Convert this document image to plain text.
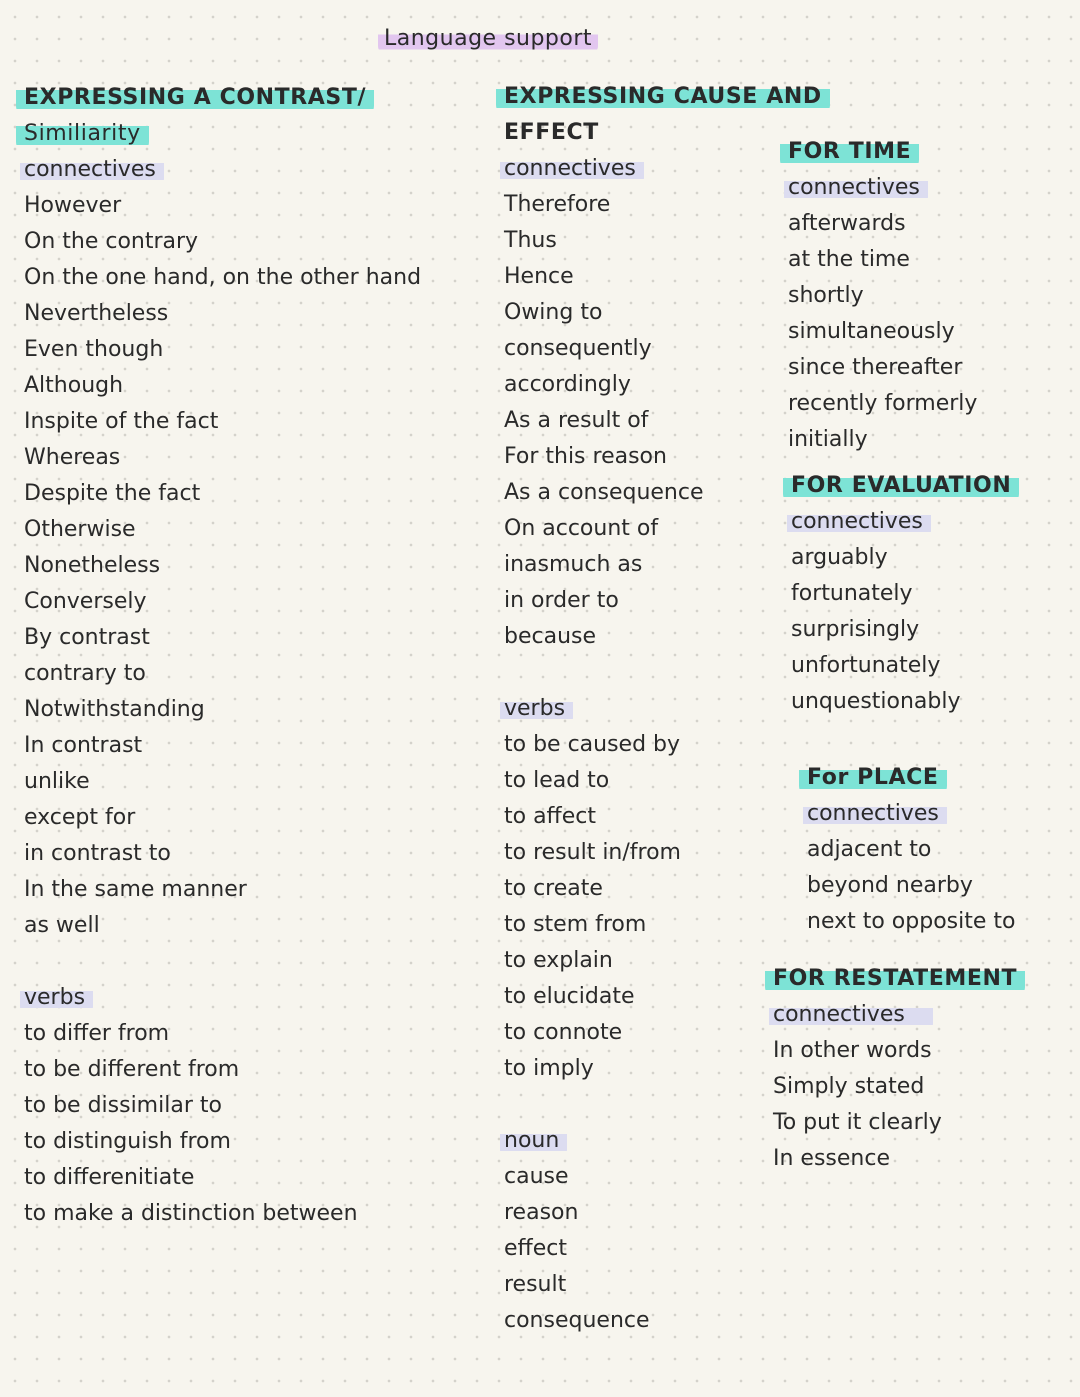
Language support
EXPRESSING A CONTRAST/
Similiarity
connectives
However
On the contrary
On the one hand, on the other hand
Nevertheless
Even though
Although
Inspite of the fact
Whereas
Despite the fact
Otherwise
Nonetheless
Conversely
By contrast
contrary to
Notwithstanding
In contrast
unlike
except for
in contrast to
In the same manner
as well
verbs
to differ from
to be different from
to be dissimilar to
to distinguish from
to differenitiate
to make a distinction between
EXPRESSING CAUSE AND
EFFECT
connectives
Therefore
Thus
Hence
Owing to
consequently
accordingly
As a result of
For this reason
As a consequence
On account of
inasmuch as
in order to
because
verbs
to be caused by
to lead to
to affect
to result in/from
to create
to stem from
to explain
to elucidate
to connote
to imply
noun
cause
reason
effect
result
consequence
FOR TIME
connectives
afterwards
at the time
shortly
simultaneously
since thereafter
recently formerly
initially
FOR EVALUATION
connectives
arguably
fortunately
surprisingly
unfortunately
unquestionably
For PLACE
connectives
adjacent to
beyond nearby
next to opposite to
FOR RESTATEMENT
connectives
In other words
Simply stated
To put it clearly
In essence
